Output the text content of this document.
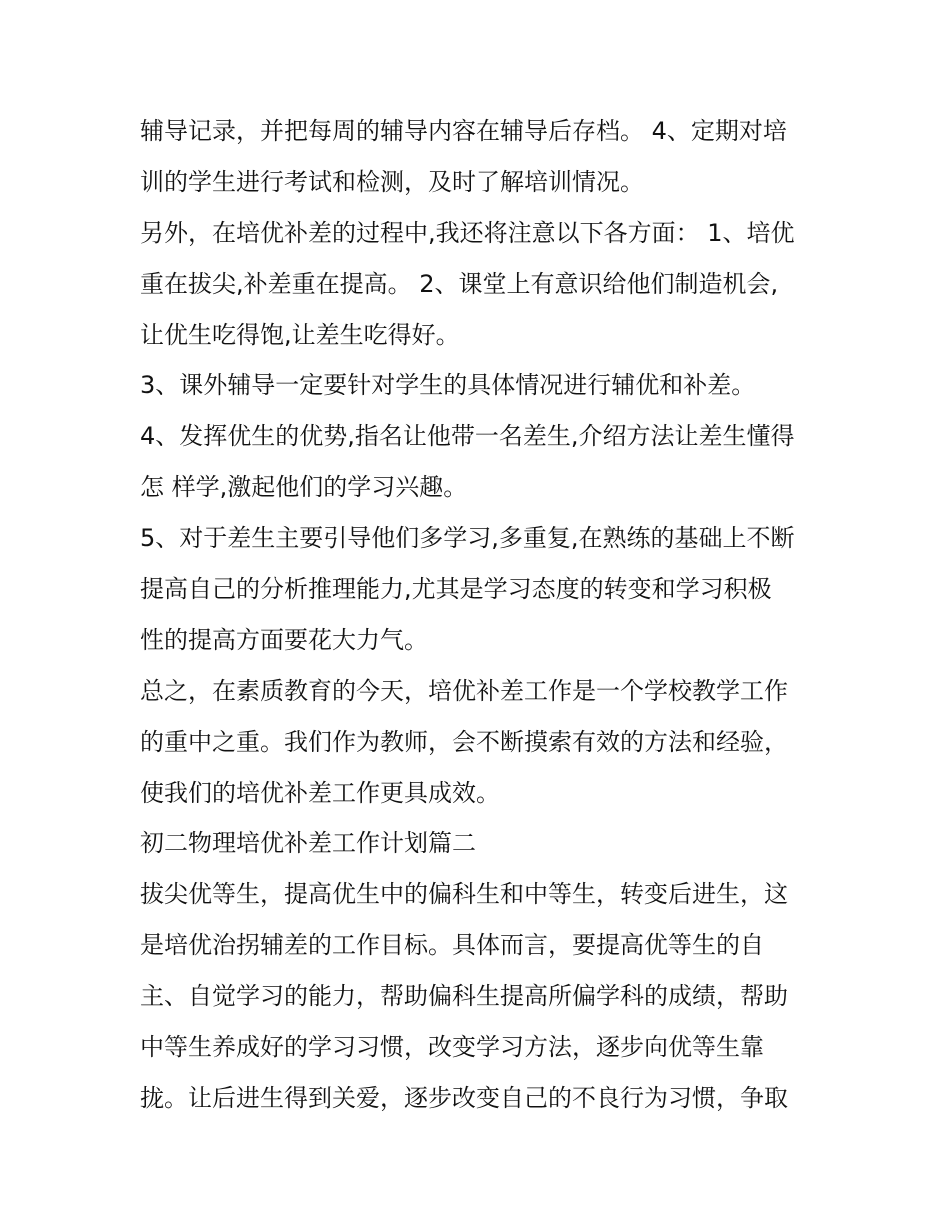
辅导记录，并把每周的辅导内容在辅导后存档。 4、定期对培
训的学生进行考试和检测，及时了解培训情况。
另外，在培优补差的过程中,我还将注意以下各方面： 1、培优
重在拔尖,补差重在提高。 2、课堂上有意识给他们制造机会,
让优生吃得饱,让差生吃得好。
3、课外辅导一定要针对学生的具体情况进行辅优和补差。
4、发挥优生的优势,指名让他带一名差生,介绍方法让差生懂得
怎 样学,激起他们的学习兴趣。
5、对于差生主要引导他们多学习,多重复,在熟练的基础上不断
提高自己的分析推理能力,尤其是学习态度的转变和学习积极
性的提高方面要花大力气。
总之，在素质教育的今天，培优补差工作是一个学校教学工作
的重中之重。我们作为教师，会不断摸索有效的方法和经验，
使我们的培优补差工作更具成效。
初二物理培优补差工作计划篇二
拔尖优等生，提高优生中的偏科生和中等生，转变后进生，这
是培优治拐辅差的工作目标。具体而言，要提高优等生的自
主、自觉学习的能力，帮助偏科生提高所偏学科的成绩，帮助
中等生养成好的学习习惯，改变学习方法，逐步向优等生靠
拢。让后进生得到关爱，逐步改变自己的不良行为习惯，争取
